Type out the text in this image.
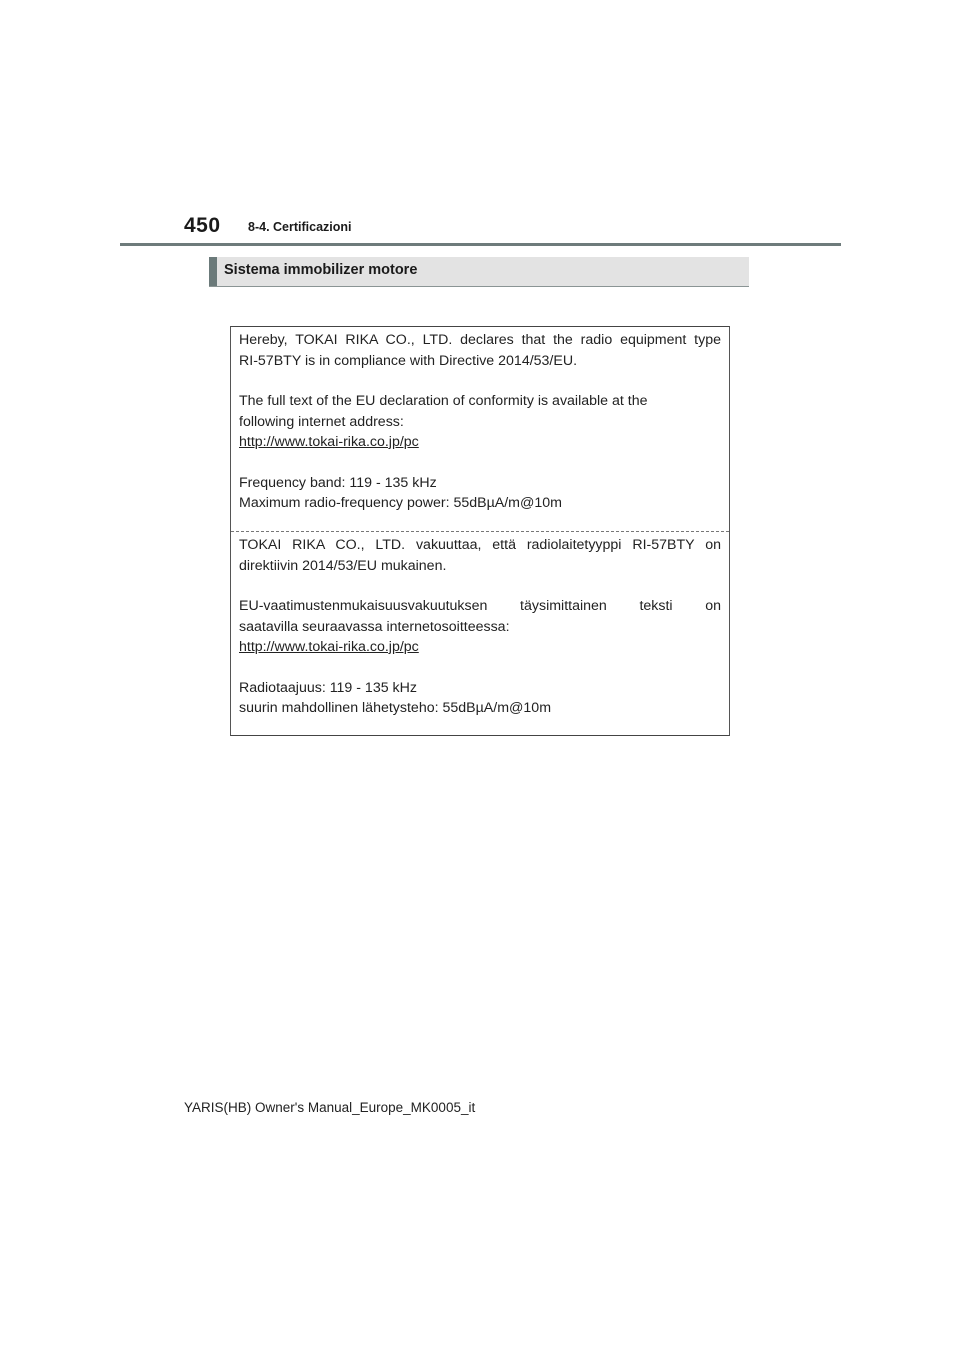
450 8-4. Certificazioni
Sistema immobilizer motore

Hereby, TOKAI RIKA CO., LTD. declares that the radio equipment type

RI-57BTY is in compliance with Directive 2014/53/EU.

The full text of the EU declaration of conformity is available at the

following internet address:

http://www.tokai-rika.co.jp/pc

Frequency band: 119 - 135 kHz

Maximum radio-frequency power: 55dBµA/m@10m

TOKAI RIKA CO., LTD. vakuuttaa, että radiolaitetyyppi RI-57BTY on

direktiivin 2014/53/EU mukainen.

EU-vaatimustenmukaisuusvakuutuksen täysimittainen teksti on

saatavilla seuraavassa internetosoitteessa:

http://www.tokai-rika.co.jp/pc

Radiotaajuus: 119 - 135 kHz

suurin mahdollinen lähetysteho: 55dBµA/m@10m

YARIS(HB) Owner's Manual_Europe_MK0005_it
